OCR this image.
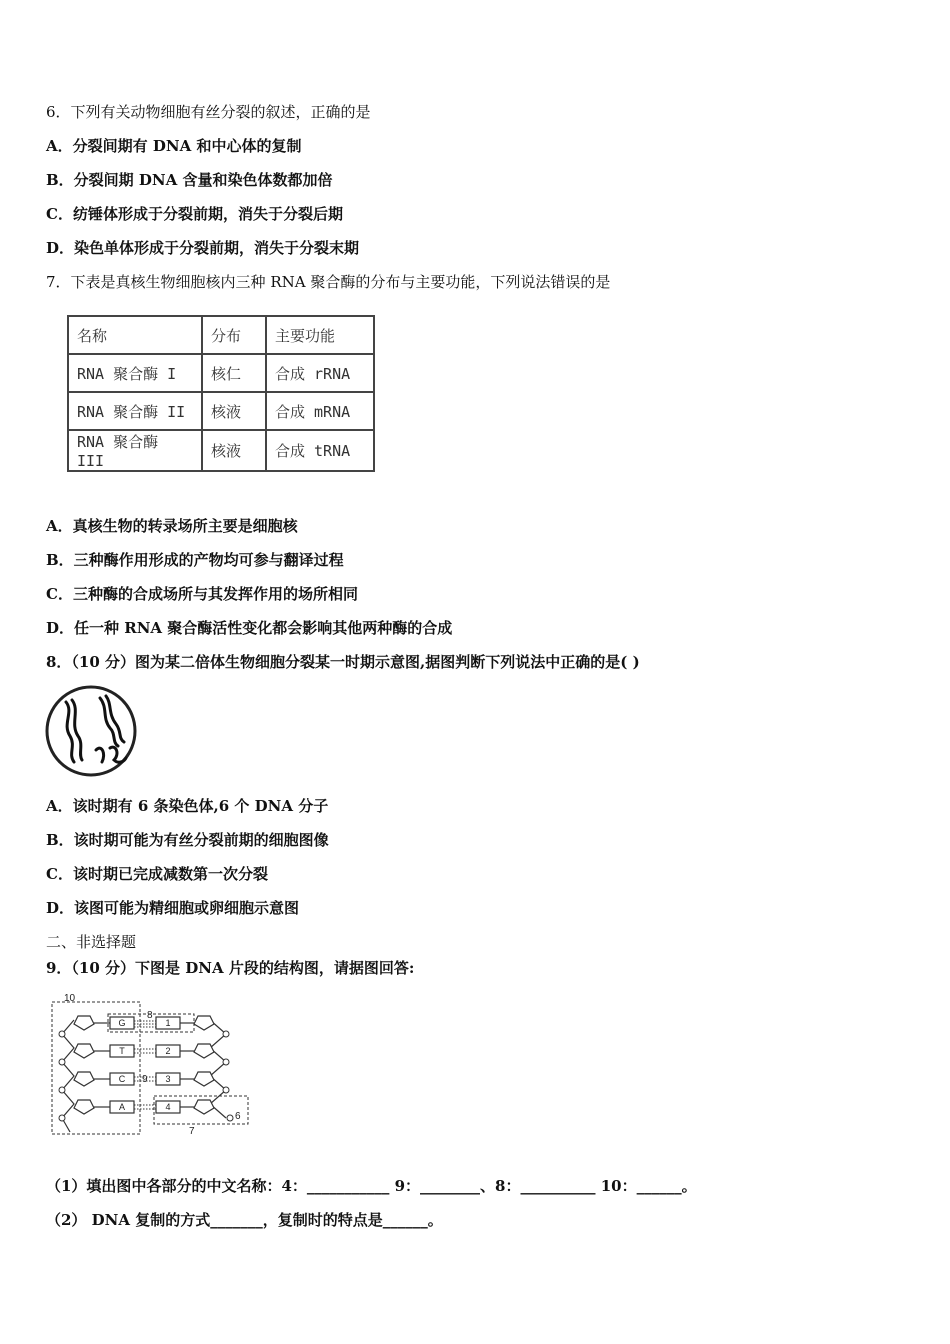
6．下列有关动物细胞有丝分裂的叙述，正确的是
A．分裂间期有 DNA 和中心体的复制
B．分裂间期 DNA 含量和染色体数都加倍
C．纺锤体形成于分裂前期，消失于分裂后期
D．染色单体形成于分裂前期，消失于分裂末期
7．下表是真核生物细胞核内三种 RNA 聚合酶的分布与主要功能，下列说法错误的是
名称	分布	主要功能
RNA 聚合酶 I	核仁	合成 rRNA
RNA 聚合酶 II	核液	合成 mRNA
RNA 聚合酶 III	核液	合成 tRNA
A．真核生物的转录场所主要是细胞核
B．三种酶作用形成的产物均可参与翻译过程
C．三种酶的合成场所与其发挥作用的场所相同
D．任一种 RNA 聚合酶活性变化都会影响其他两种酶的合成
8．（10 分）图为某二倍体生物细胞分裂某一时期示意图,据图判断下列说法中正确的是( )
A．该时期有 6 条染色体,6 个 DNA 分子
B．该时期可能为有丝分裂前期的细胞图像
C．该时期已完成减数第一次分裂
D．该图可能为精细胞或卵细胞示意图
二、非选择题
9．（10 分）下图是 DNA 片段的结构图，请据图回答:
10
8
9
7
6
G
T
C
A
1
2
3
4
（1）填出图中各部分的中文名称：4：___________ 9：________、8：__________ 10：______。
（2） DNA 复制的方式_______，复制时的特点是______。
